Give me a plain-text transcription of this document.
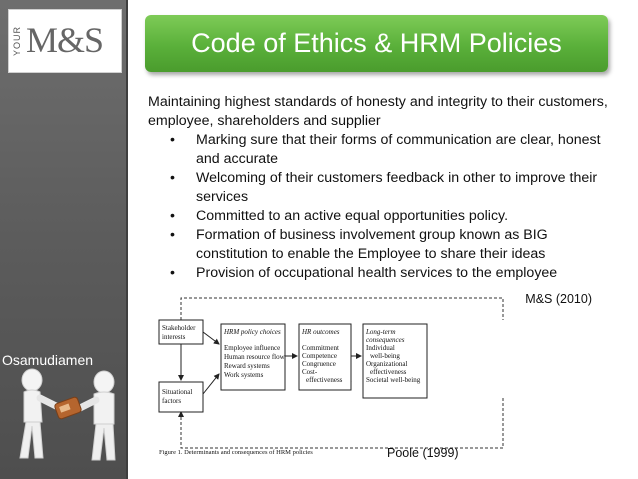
YOUR M&S
Osamudiamen
Code of Ethics & HRM Policies

Maintaining highest standards of honesty and integrity to their customers, employee, shareholders and supplier

• Marking sure that their forms of communication are clear, honest and accurate
• Welcoming of their customers feedback in other to improve their services
• Committed to an active equal opportunities policy.
• Formation of business involvement group known as BIG constitution to enable the Employee to share their ideas
• Provision of occupational health services to the employee
M&S (2010)
Stakeholder
interests
Situational
factors
HRM policy choices
Employee influence
Human resource flow
Reward systems
Work systems
HR outcomes
Commitment
Competence
Congruence
Cost-
effectiveness
Long-term
consequences
Individual
well-being
Organizational
effectiveness
Societal well-being
Figure 1. Determinants and consequences of HRM policies	Poole (1999)
